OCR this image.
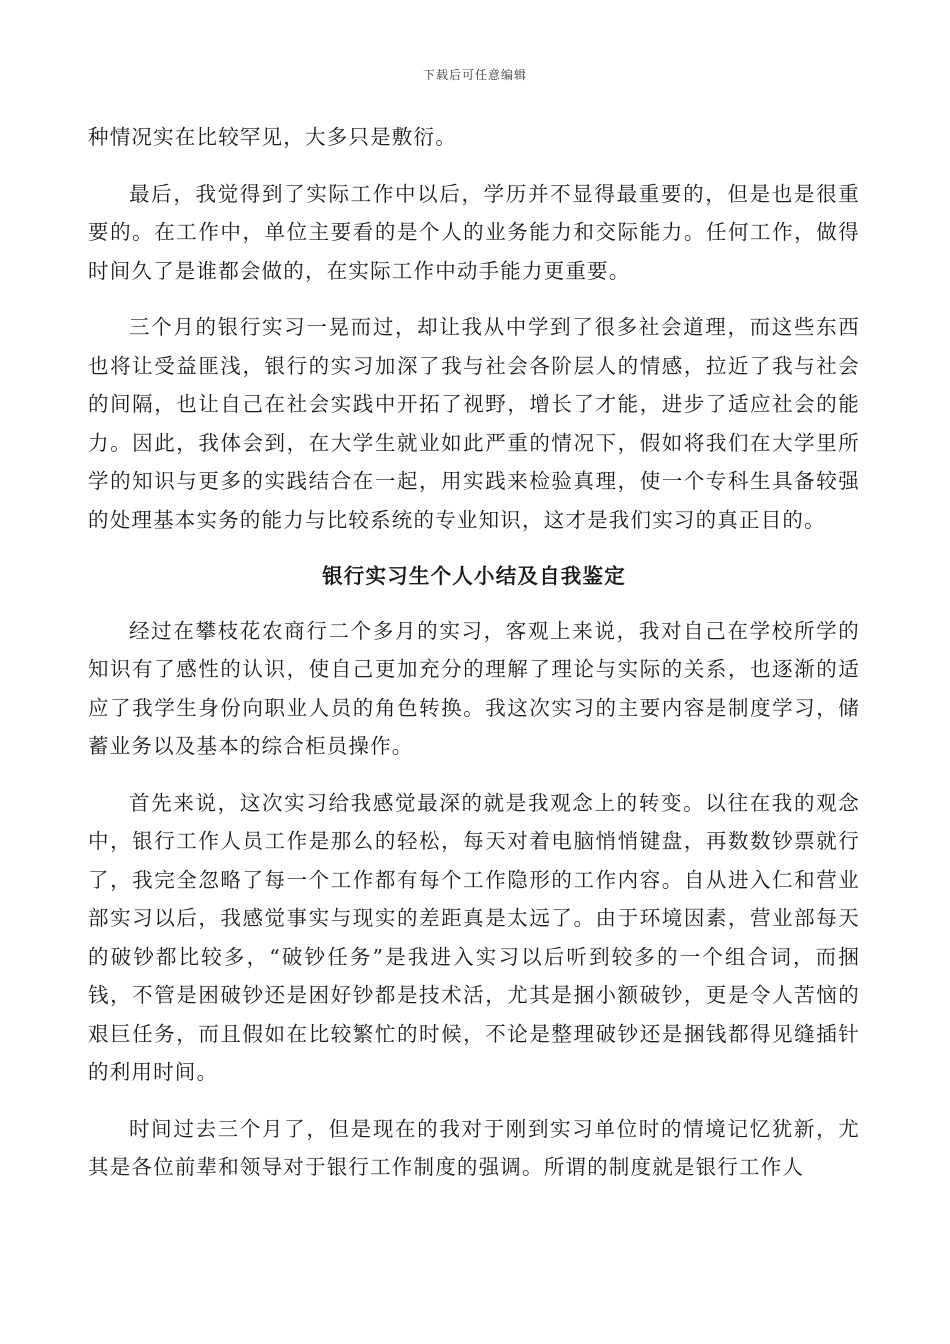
下载后可任意编辑

种情况实在比较罕见，大多只是敷衍。

最后，我觉得到了实际工作中以后，学历并不显得最重要的，但是也是很重要的。在工作中，单位主要看的是个人的业务能力和交际能力。任何工作，做得时间久了是谁都会做的，在实际工作中动手能力更重要。

三个月的银行实习一晃而过，却让我从中学到了很多社会道理，而这些东西也将让受益匪浅，银行的实习加深了我与社会各阶层人的情感，拉近了我与社会的间隔，也让自己在社会实践中开拓了视野，增长了才能，进步了适应社会的能力。因此，我体会到，在大学生就业如此严重的情况下，假如将我们在大学里所学的知识与更多的实践结合在一起，用实践来检验真理，使一个专科生具备较强的处理基本实务的能力与比较系统的专业知识，这才是我们实习的真正目的。

银行实习生个人小结及自我鉴定

经过在攀枝花农商行二个多月的实习，客观上来说，我对自己在学校所学的知识有了感性的认识，使自己更加充分的理解了理论与实际的关系，也逐渐的适应了我学生身份向职业人员的角色转换。我这次实习的主要内容是制度学习，储蓄业务以及基本的综合柜员操作。

首先来说，这次实习给我感觉最深的就是我观念上的转变。以往在我的观念中，银行工作人员工作是那么的轻松，每天对着电脑悄悄键盘，再数数钞票就行了，我完全忽略了每一个工作都有每个工作隐形的工作内容。自从进入仁和营业部实习以后，我感觉事实与现实的差距真是太远了。由于环境因素，营业部每天的破钞都比较多，“破钞任务”是我进入实习以后听到较多的一个组合词，而捆钱，不管是困破钞还是困好钞都是技术活，尤其是捆小额破钞，更是令人苦恼的艰巨任务，而且假如在比较繁忙的时候，不论是整理破钞还是捆钱都得见缝插针的利用时间。

时间过去三个月了，但是现在的我对于刚到实习单位时的情境记忆犹新，尤其是各位前辈和领导对于银行工作制度的强调。所谓的制度就是银行工作人
